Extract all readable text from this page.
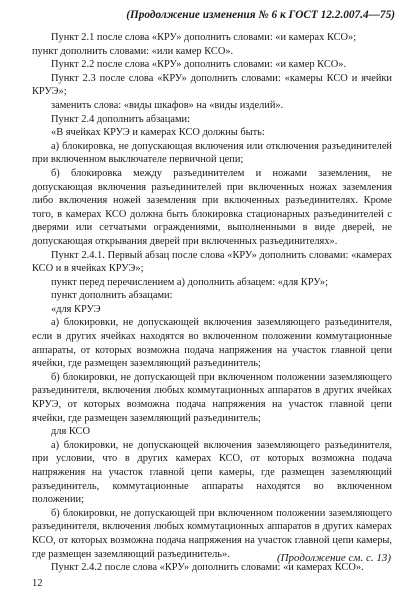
(Продолжение изменения № 6 к ГОСТ 12.2.007.4—75)

Пункт 2.1 после слова «КРУ» дополнить словами: «и камерах КСО»;

пункт дополнить словами: «или камер КСО».

Пункт 2.2 после слова «КРУ» дополнить словами: «и камер КСО».

Пункт 2.3 после слова «КРУ» дополнить словами: «камеры КСО и ячейки КРУЭ»;

заменить слова: «виды шкафов» на «виды изделий».

Пункт 2.4 дополнить абзацами:

«В ячейках КРУЭ и камерах КСО должны быть:

а) блокировка, не допускающая включения или отключения разъединителей при включенном выключателе первичной цепи;

б) блокировка между разъединителем и ножами заземления, не допускающая включения разъединителей при включенных ножах заземления либо включения ножей заземления при включенных разъединителях. Кроме того, в камерах КСО должна быть блокировка стационарных разъединителей с дверями или сетчатыми ограждениями, выполненными в виде дверей, не допускающая открывания дверей при включенных разъединителях».

Пункт 2.4.1. Первый абзац после слова «КРУ» дополнить словами: «камерах КСО и в ячейках КРУЭ»;

пункт перед перечислением а) дополнить абзацем: «для КРУ»;

пункт дополнить абзацами:

«для КРУЭ

а) блокировки, не допускающей включения заземляющего разъединителя, если в других ячейках находятся во включенном положении коммутационные аппараты, от которых возможна подача напряжения на участок главной цепи ячейки, где размещен заземляющий разъединитель;

б) блокировки, не допускающей при включенном положении заземляющего разъединителя, включения любых коммутационных аппаратов в других ячейках КРУЭ, от которых возможна подача напряжения на участок главной цепи ячейки, где размещен заземляющий разъединитель;

для КСО

а) блокировки, не допускающей включения заземляющего разъединителя, при условии, что в других камерах КСО, от которых возможна подача напряжения на участок главной цепи камеры, где размещен заземляющий разъединитель, коммутационные аппараты находятся во включенном положении;

б) блокировки, не допускающей при включенном положении заземляющего разъединителя, включения любых коммутационных аппаратов в других камерах КСО, от которых возможна подача напряжения на участок главной цепи камеры, где размещен заземляющий разъединитель».

Пункт 2.4.2 после слова «КРУ» дополнить словами: «и камерах КСО».

(Продолжение см. с. 13)
12
